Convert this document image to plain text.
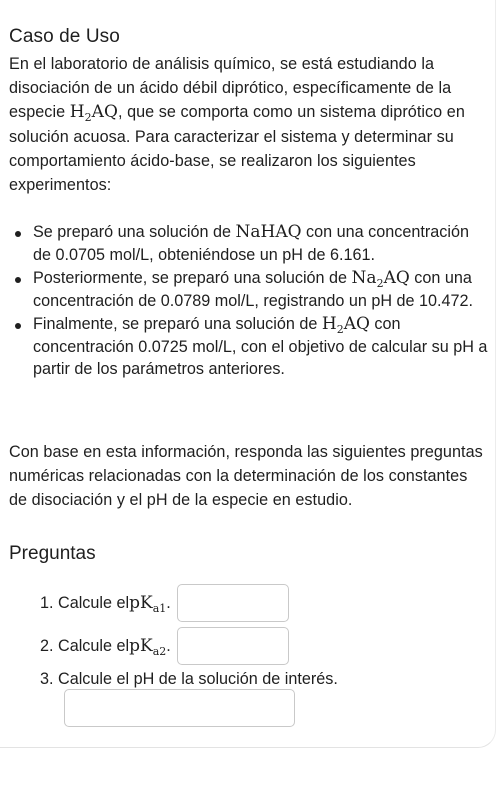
Caso de Uso

En el laboratorio de análisis químico, se está estudiando la disociación de un ácido débil diprótico, específicamente de la especie $H_2AQ$, que se comporta como un sistema diprótico en solución acuosa. Para caracterizar el sistema y determinar su comportamiento ácido-base, se realizaron los siguientes experimentos:

Se preparó una solución de NaHAQ con una concentración de 0.0705 mol/L, obteniéndose un pH de 6.161.
Posteriormente, se preparó una solución de $Na_2AQ$ con una concentración de 0.0789 mol/L, registrando un pH de 10.472.
Finalmente, se preparó una solución de $H_2AQ$ con concentración 0.0725 mol/L, con el objetivo de calcular su pH a partir de los parámetros anteriores.

Con base en esta información, responda las siguientes preguntas numéricas relacionadas con la determinación de los constantes de disociación y el pH de la especie en estudio.

Preguntas
1. Calcule el $pK_{a1}$ .
2. Calcule el $pK_{a2}$ .
3. Calcule el pH de la solución de interés.
